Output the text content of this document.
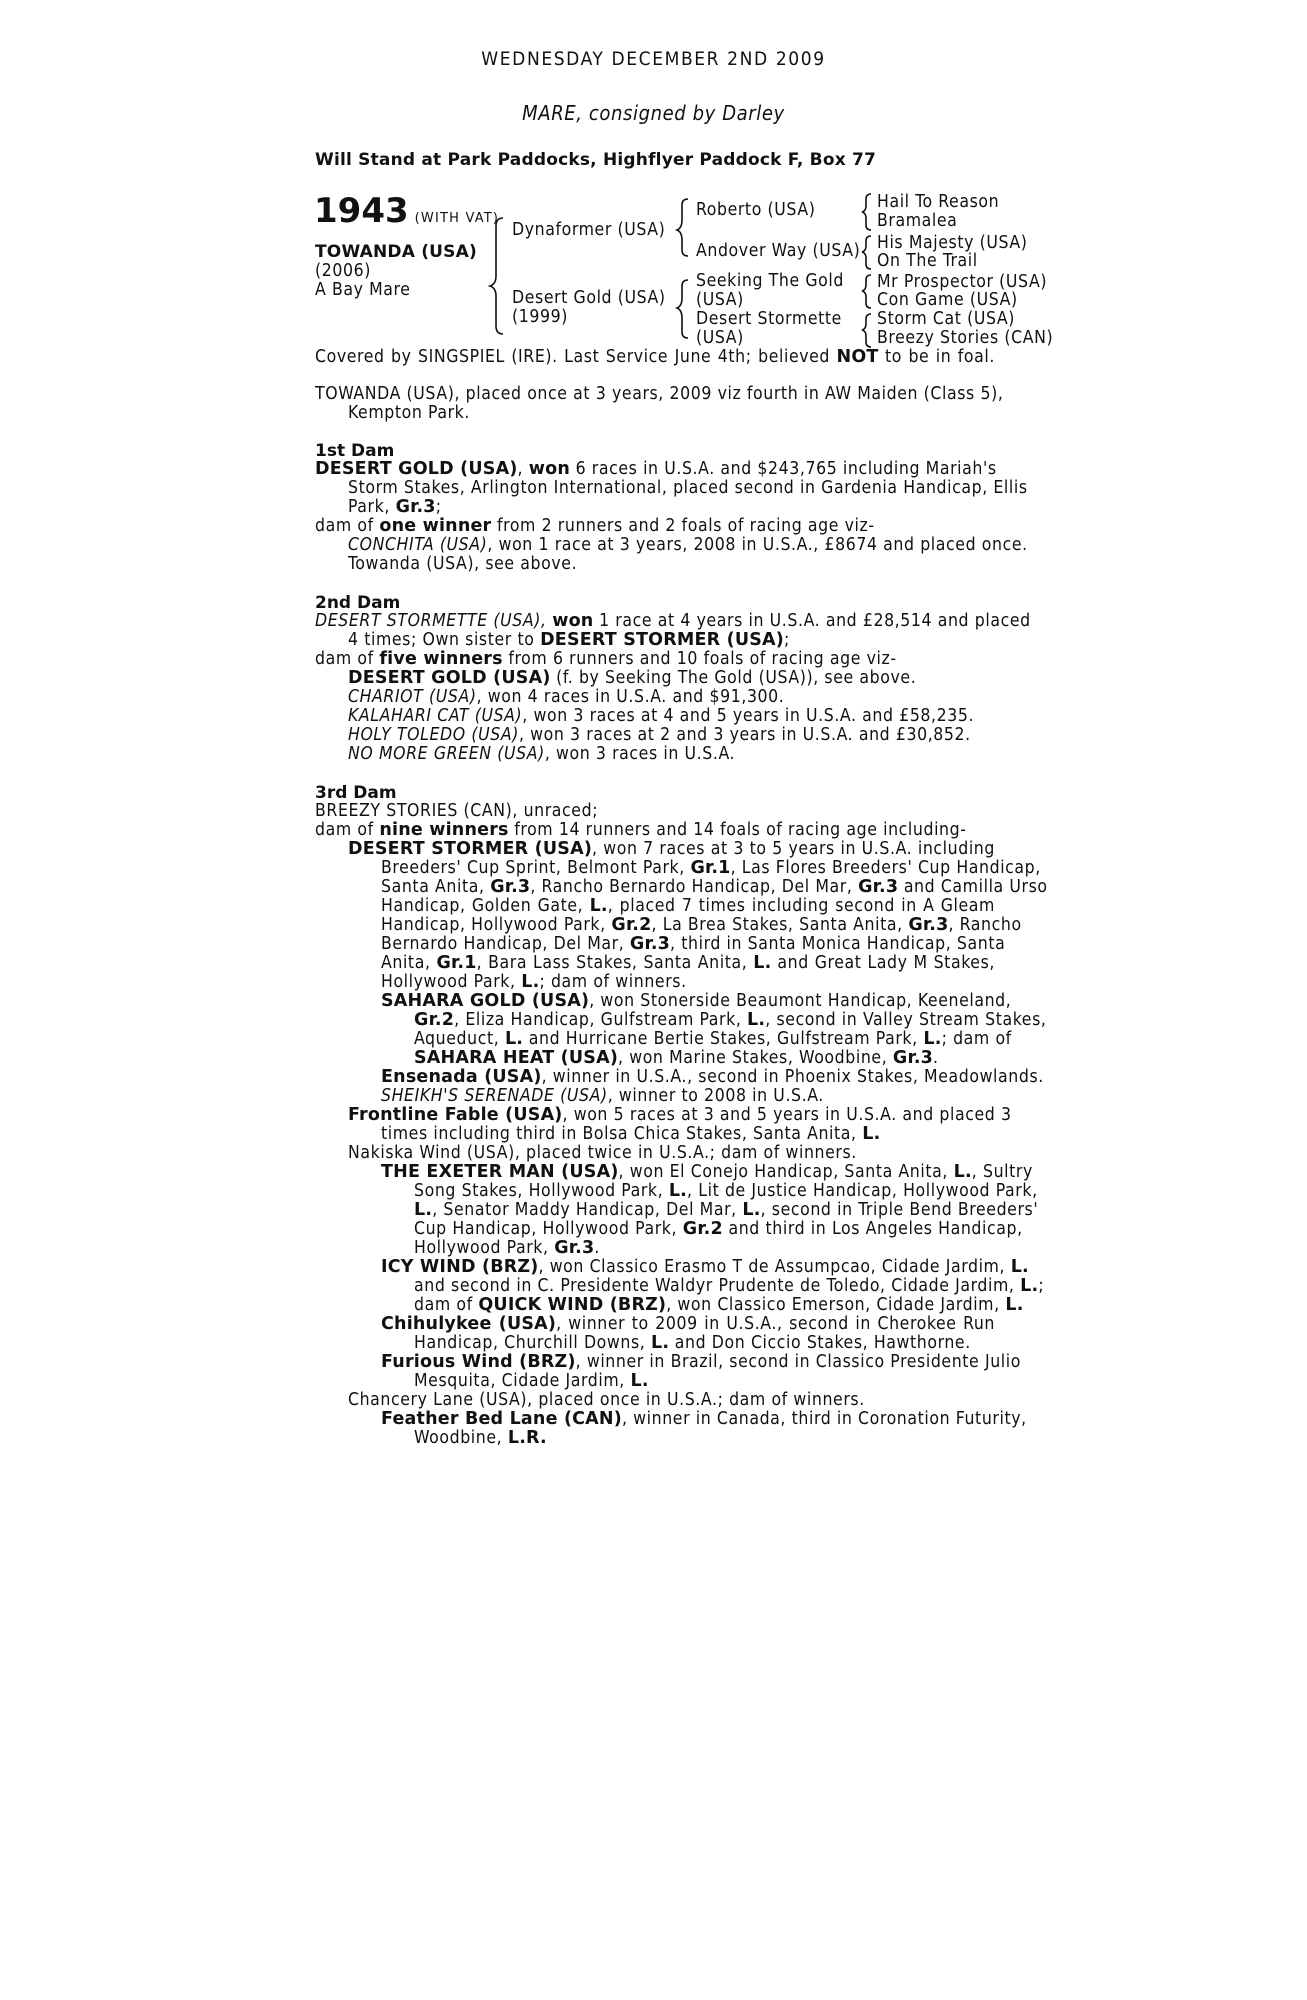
WEDNESDAY DECEMBER 2ND 2009
MARE, consigned by Darley
Will Stand at Park Paddocks, Highflyer Paddock F, Box 77
1943 (WITH VAT)
TOWANDA (USA)
(2006)
A Bay Mare
Dynaformer (USA)
Desert Gold (USA)
(1999)
Roberto (USA)
Andover Way (USA)
Seeking The Gold
(USA)
Desert Stormette
(USA)
Hail To Reason
Bramalea
His Majesty (USA)
On The Trail
Mr Prospector (USA)
Con Game (USA)
Storm Cat (USA)
Breezy Stories (CAN)
Covered by SINGSPIEL (IRE). Last Service June 4th; believed NOT to be in foal.
TOWANDA (USA), placed once at 3 years, 2009 viz fourth in AW Maiden (Class 5),
Kempton Park.
1st Dam
DESERT GOLD (USA), won 6 races in U.S.A. and $243,765 including Mariah's
Storm Stakes, Arlington International, placed second in Gardenia Handicap, Ellis
Park, Gr.3;
dam of one winner from 2 runners and 2 foals of racing age viz-
CONCHITA (USA), won 1 race at 3 years, 2008 in U.S.A., £8674 and placed once.
Towanda (USA), see above.
2nd Dam
DESERT STORMETTE (USA), won 1 race at 4 years in U.S.A. and £28,514 and placed
4 times; Own sister to DESERT STORMER (USA);
dam of five winners from 6 runners and 10 foals of racing age viz-
DESERT GOLD (USA) (f. by Seeking The Gold (USA)), see above.
CHARIOT (USA), won 4 races in U.S.A. and $91,300.
KALAHARI CAT (USA), won 3 races at 4 and 5 years in U.S.A. and £58,235.
HOLY TOLEDO (USA), won 3 races at 2 and 3 years in U.S.A. and £30,852.
NO MORE GREEN (USA), won 3 races in U.S.A.
3rd Dam
BREEZY STORIES (CAN), unraced;
dam of nine winners from 14 runners and 14 foals of racing age including-
DESERT STORMER (USA), won 7 races at 3 to 5 years in U.S.A. including
Breeders' Cup Sprint, Belmont Park, Gr.1, Las Flores Breeders' Cup Handicap,
Santa Anita, Gr.3, Rancho Bernardo Handicap, Del Mar, Gr.3 and Camilla Urso
Handicap, Golden Gate, L., placed 7 times including second in A Gleam
Handicap, Hollywood Park, Gr.2, La Brea Stakes, Santa Anita, Gr.3, Rancho
Bernardo Handicap, Del Mar, Gr.3, third in Santa Monica Handicap, Santa
Anita, Gr.1, Bara Lass Stakes, Santa Anita, L. and Great Lady M Stakes,
Hollywood Park, L.; dam of winners.
SAHARA GOLD (USA), won Stonerside Beaumont Handicap, Keeneland,
Gr.2, Eliza Handicap, Gulfstream Park, L., second in Valley Stream Stakes,
Aqueduct, L. and Hurricane Bertie Stakes, Gulfstream Park, L.; dam of
SAHARA HEAT (USA), won Marine Stakes, Woodbine, Gr.3.
Ensenada (USA), winner in U.S.A., second in Phoenix Stakes, Meadowlands.
SHEIKH'S SERENADE (USA), winner to 2008 in U.S.A.
Frontline Fable (USA), won 5 races at 3 and 5 years in U.S.A. and placed 3
times including third in Bolsa Chica Stakes, Santa Anita, L.
Nakiska Wind (USA), placed twice in U.S.A.; dam of winners.
THE EXETER MAN (USA), won El Conejo Handicap, Santa Anita, L., Sultry
Song Stakes, Hollywood Park, L., Lit de Justice Handicap, Hollywood Park,
L., Senator Maddy Handicap, Del Mar, L., second in Triple Bend Breeders'
Cup Handicap, Hollywood Park, Gr.2 and third in Los Angeles Handicap,
Hollywood Park, Gr.3.
ICY WIND (BRZ), won Classico Erasmo T de Assumpcao, Cidade Jardim, L.
and second in C. Presidente Waldyr Prudente de Toledo, Cidade Jardim, L.;
dam of QUICK WIND (BRZ), won Classico Emerson, Cidade Jardim, L.
Chihulykee (USA), winner to 2009 in U.S.A., second in Cherokee Run
Handicap, Churchill Downs, L. and Don Ciccio Stakes, Hawthorne.
Furious Wind (BRZ), winner in Brazil, second in Classico Presidente Julio
Mesquita, Cidade Jardim, L.
Chancery Lane (USA), placed once in U.S.A.; dam of winners.
Feather Bed Lane (CAN), winner in Canada, third in Coronation Futurity,
Woodbine, L.R.
